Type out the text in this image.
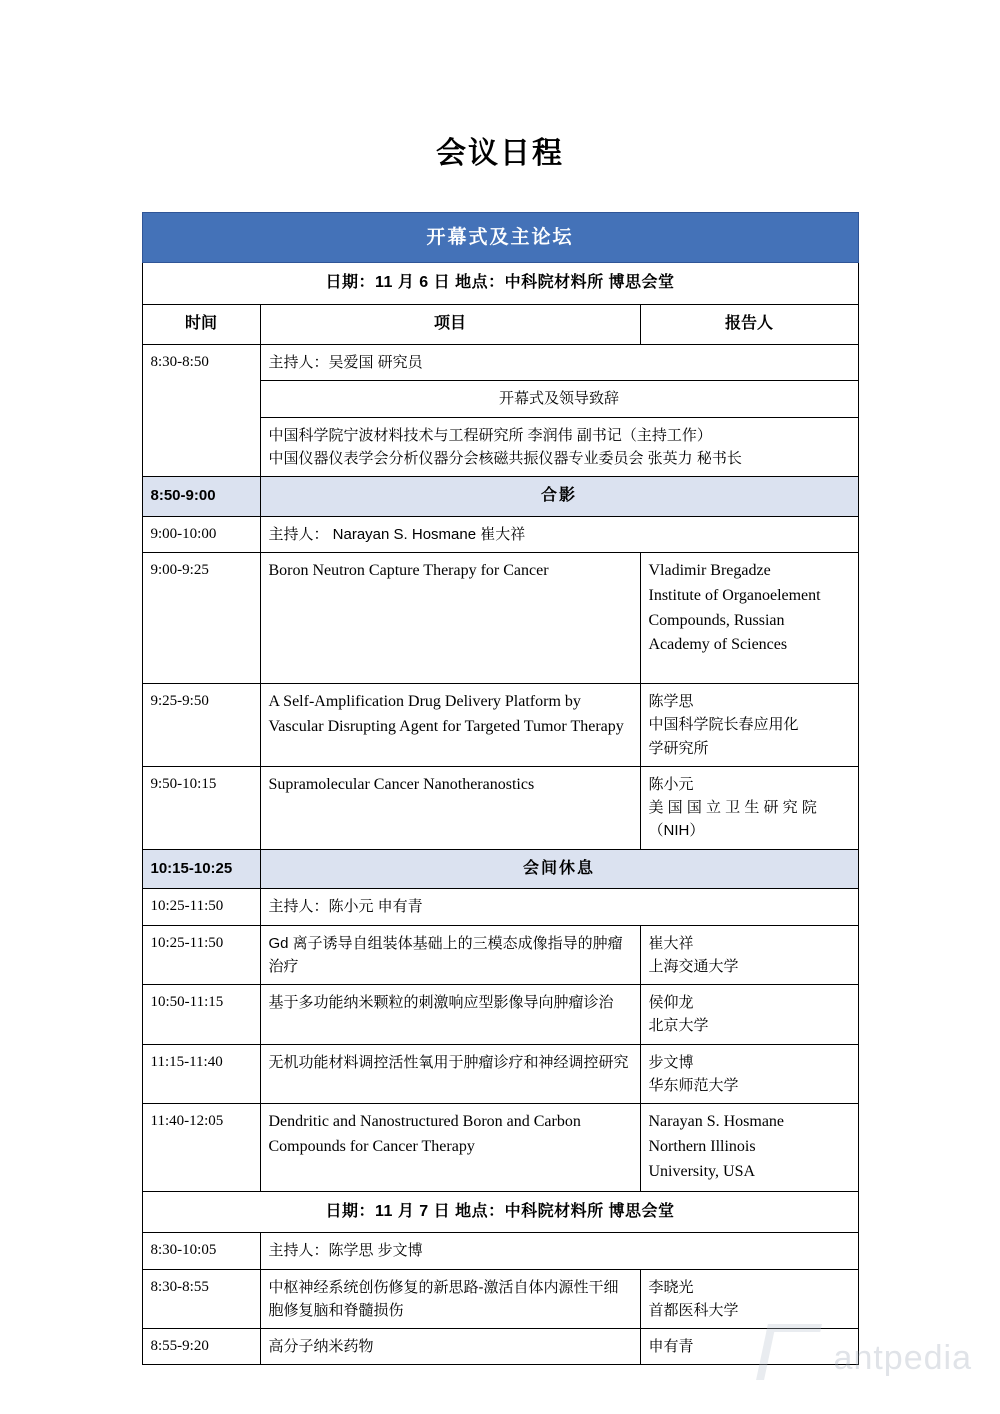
会议日程
开幕式及主论坛		
日期：11 月 6 日 地点：中科院材料所 博思会堂		
时间	项目	报告人
8:30-8:50	主持人：吴爱国 研究员	
	开幕式及领导致辞	

	中国科学院宁波材料技术与工程研究所 李润伟 副书记（主持工作）
中国仪器仪表学会分析仪器分会核磁共振仪器专业委员会 张英力 秘书长	

8:50-9:00	合影	
9:00-10:00	主持人： Narayan S. Hosmane 崔大祥	
9:00-9:25	Boron Neutron Capture Therapy for Cancer	Vladimir Bregadze
Institute of Organoelement
Compounds, Russian
Academy of Sciences

9:25-9:50	A Self-Amplification Drug Delivery Platform by Vascular Disrupting Agent for Targeted Tumor Therapy	陈学思
中国科学院长春应用化
学研究所

9:50-10:15	Supramolecular Cancer Nanotheranostics	陈小元
美 国 国 立 卫 生 研 究 院
（NIH）

10:15-10:25	会间休息	
10:25-11:50	主持人：陈小元 申有青	
10:25-11:50	Gd 离子诱导自组装体基础上的三模态成像指导的肿瘤治疗	崔大祥
上海交通大学

10:50-11:15	基于多功能纳米颗粒的刺激响应型影像导向肿瘤诊治	侯仰龙
北京大学

11:15-11:40	无机功能材料调控活性氧用于肿瘤诊疗和神经调控研究	步文博
华东师范大学

11:40-12:05	Dendritic and Nanostructured Boron and Carbon Compounds for Cancer Therapy	Narayan S. Hosmane
Northern Illinois
University, USA

日期：11 月 7 日 地点：中科院材料所 博思会堂		
8:30-10:05	主持人：陈学思 步文博	
8:30-8:55	中枢神经系统创伤修复的新思路-激活自体内源性干细胞修复脑和脊髓损伤	李晓光
首都医科大学

8:55-9:20	高分子纳米药物	申有青	antpedia
